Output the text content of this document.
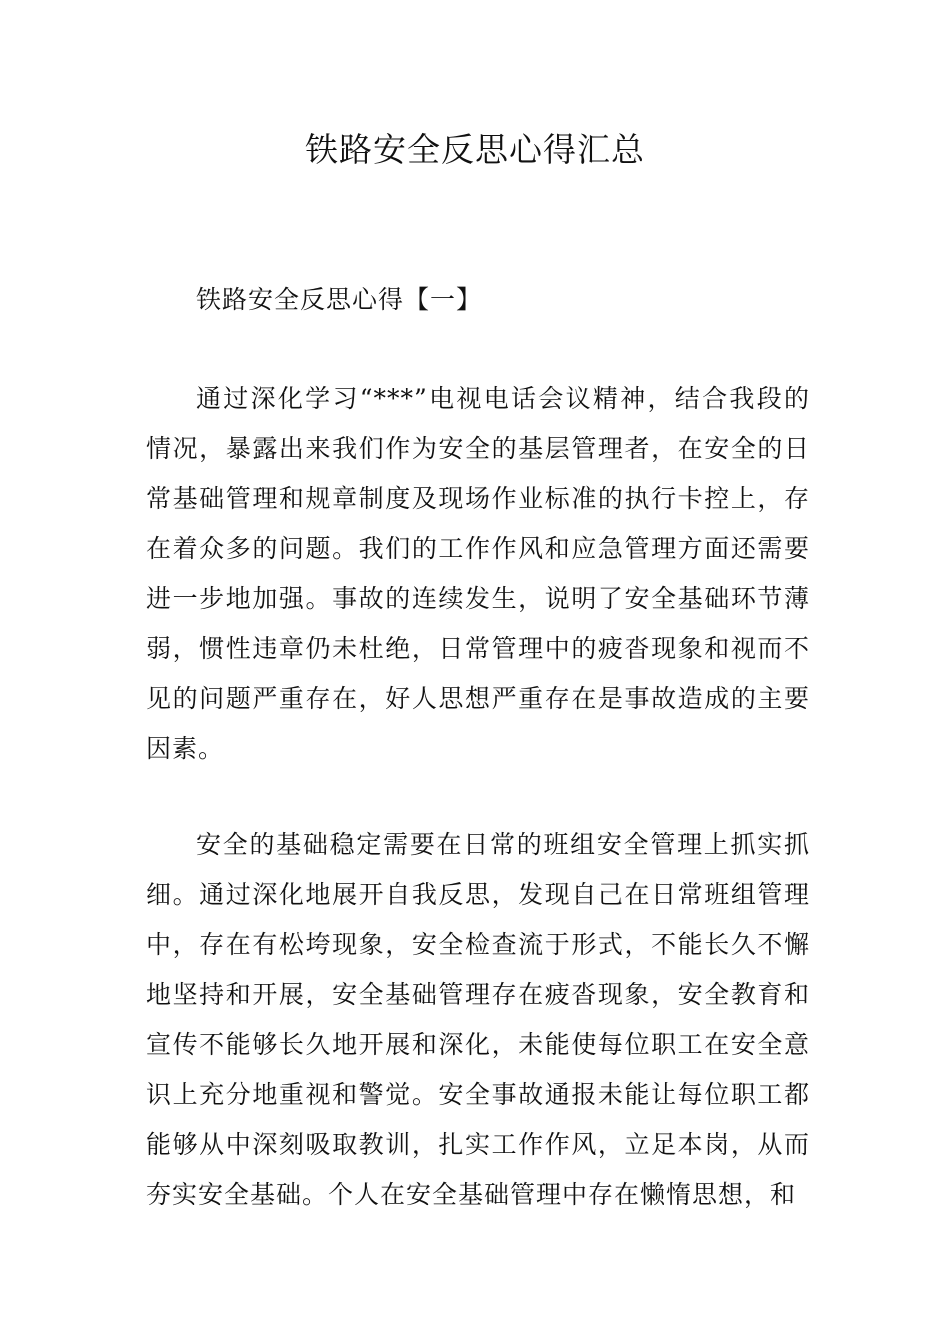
铁路安全反思心得汇总
铁路安全反思心得【一】

通过深化学习“***”电视电话会议精神，结合我段的情况，暴露出来我们作为安全的基层管理者，在安全的日常基础管理和规章制度及现场作业标准的执行卡控上，存在着众多的问题。我们的工作作风和应急管理方面还需要进一步地加强。事故的连续发生，说明了安全基础环节薄弱，惯性违章仍未杜绝，日常管理中的疲沓现象和视而不见的问题严重存在，好人思想严重存在是事故造成的主要因素。

安全的基础稳定需要在日常的班组安全管理上抓实抓细。通过深化地展开自我反思，发现自己在日常班组管理中，存在有松垮现象，安全检查流于形式，不能长久不懈地坚持和开展，安全基础管理存在疲沓现象，安全教育和宣传不能够长久地开展和深化，未能使每位职工在安全意识上充分地重视和警觉。安全事故通报未能让每位职工都能够从中深刻吸取教训，扎实工作作风，立足本岗，从而夯实安全基础。个人在安全基础管理中存在懒惰思想，和
